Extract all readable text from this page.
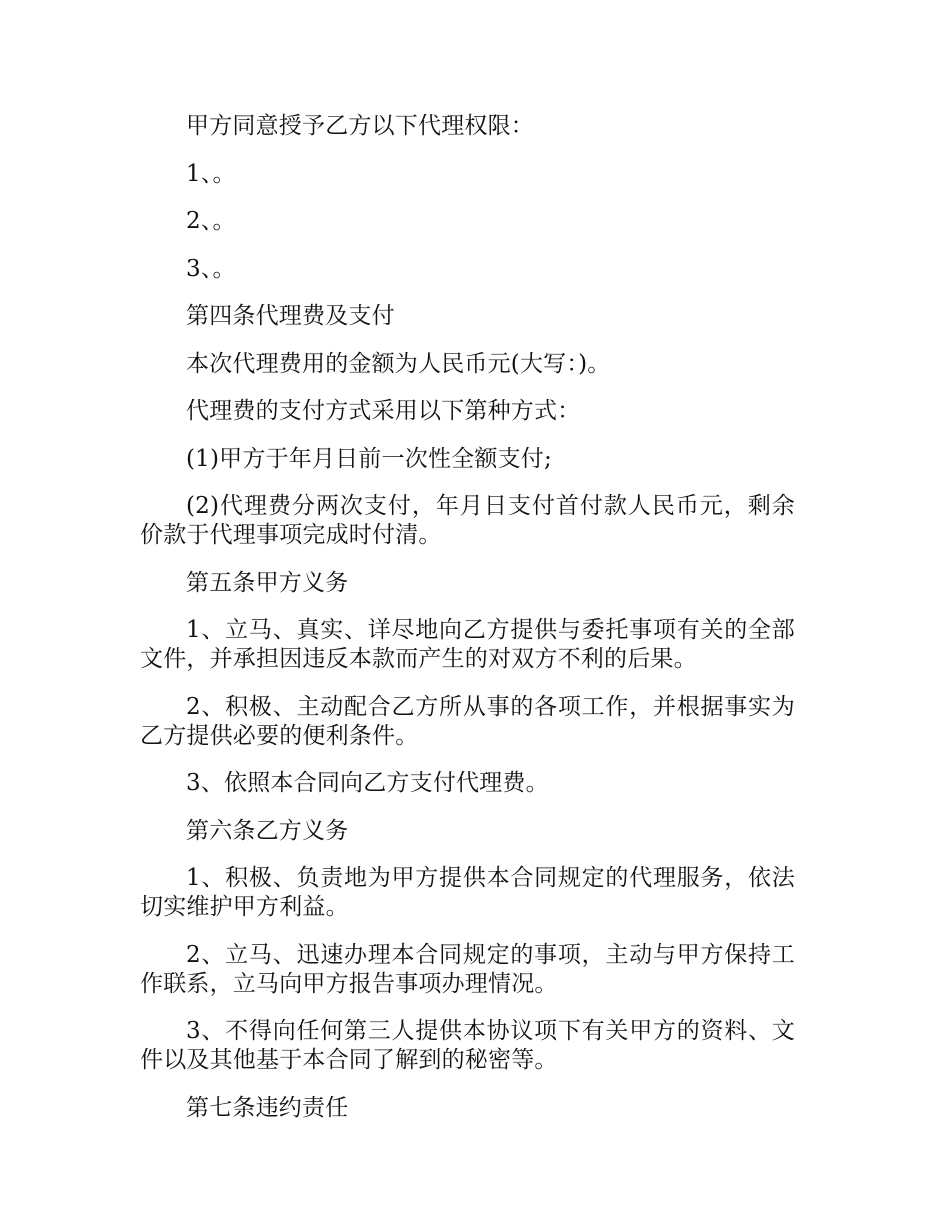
甲方同意授予乙方以下代理权限：

1、。

2、。

3、。

第四条代理费及支付

本次代理费用的金额为人民币元(大写：)。

代理费的支付方式采用以下第种方式：

(1)甲方于年月日前一次性全额支付;

(2)代理费分两次支付，年月日支付首付款人民币元，剩余价款于代理事项完成时付清。

第五条甲方义务

1、立马、真实、详尽地向乙方提供与委托事项有关的全部文件，并承担因违反本款而产生的对双方不利的后果。

2、积极、主动配合乙方所从事的各项工作，并根据事实为乙方提供必要的便利条件。

3、依照本合同向乙方支付代理费。

第六条乙方义务

1、积极、负责地为甲方提供本合同规定的代理服务，依法切实维护甲方利益。

2、立马、迅速办理本合同规定的事项，主动与甲方保持工作联系，立马向甲方报告事项办理情况。

3、不得向任何第三人提供本协议项下有关甲方的资料、文件以及其他基于本合同了解到的秘密等。

第七条违约责任
